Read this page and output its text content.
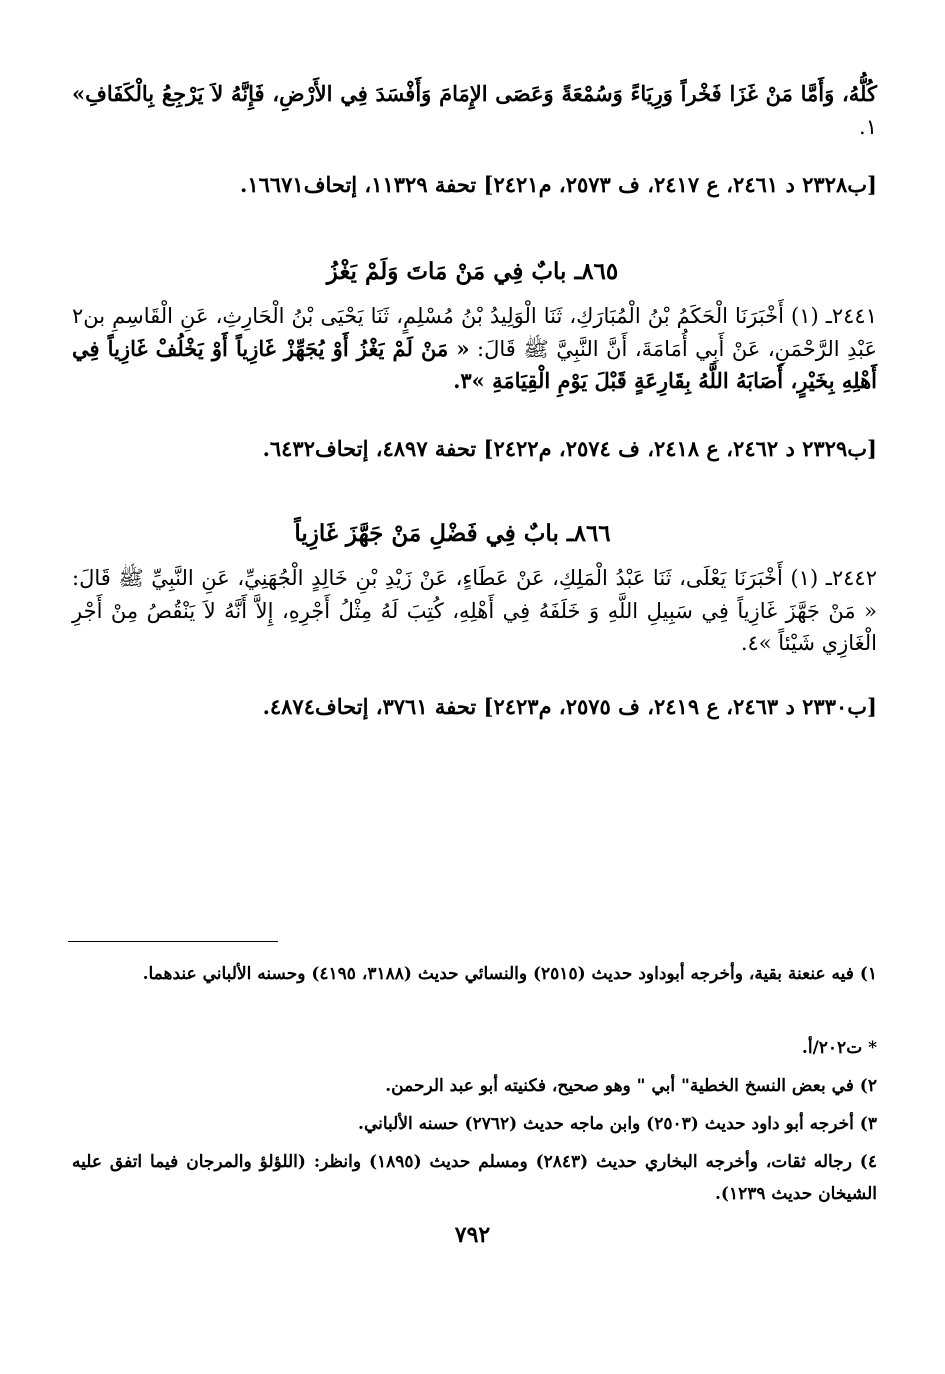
كُلُّهُ، وَأَمَّا مَنْ غَزَا فَخْراً وَرِيَاءً وَسُمْعَةً وَعَصَى الإِمَامَ وَأَفْسَدَ فِي الأَرْضِ، فَإِنَّهُ لاَ يَرْجِعُ بِالْكَفَافِ» ١.
[ب٢٣٢٨ د ٢٤٦١، ع ٢٤١٧، ف ٢٥٧٣، م٢٤٢١] تحفة ١١٣٢٩، إتحاف١٦٦٧١.
٨٦٥ـ بابٌ فِي مَنْ مَاتَ وَلَمْ يَغْزُ
٢٤٤١ـ (١) أَخْبَرَنَا الْحَكَمُ بْنُ الْمُبَارَكِ، ثَنَا الْوَلِيدُ بْنُ مُسْلِمٍ، ثَنَا يَحْيَى بْنُ الْحَارِثِ، عَنِ الْقَاسِمِ بن٢ عَبْدِ الرَّحْمَنِ، عَنْ أَبِي أُمَامَةَ، أَنَّ النَّبِيَّ ﷺ قَالَ: « مَنْ لَمْ يَغْزُ أَوْ يُجَهِّزْ غَازِياً أَوْ يَخْلُفْ غَازِياً فِي أَهْلِهِ بِخَيْرٍ، أَصَابَهُ اللَّهُ بِقَارِعَةٍ قَبْلَ يَوْمِ الْقِيَامَةِ »٣.
[ب٢٣٢٩ د ٢٤٦٢، ع ٢٤١٨، ف ٢٥٧٤، م٢٤٢٢] تحفة ٤٨٩٧، إتحاف٦٤٣٢.
٨٦٦ـ بابٌ فِي فَضْلِ مَنْ جَهَّزَ غَازِياً
٢٤٤٢ـ (١) أَخْبَرَنَا يَعْلَى، ثَنَا عَبْدُ الْمَلِكِ، عَنْ عَطَاءٍ، عَنْ زَيْدِ بْنِ خَالِدٍ الْجُهَنِيِّ، عَنِ النَّبِيِّ ﷺ قَالَ: « مَنْ جَهَّزَ غَازِياً فِي سَبِيلِ اللَّهِ وَ خَلَفَهُ فِي أَهْلِهِ، كُتِبَ لَهُ مِثْلُ أَجْرِهِ، إِلاَّ أَنَّهُ لاَ يَنْقُصُ مِنْ أَجْرِ الْغَازِي شَيْئاً »٤.
[ب٢٣٣٠ د ٢٤٦٣، ع ٢٤١٩، ف ٢٥٧٥، م٢٤٢٣] تحفة ٣٧٦١، إتحاف٤٨٧٤.
١) فيه عنعنة بقية، وأخرجه أبوداود حديث (٢٥١٥) والنسائي حديث (٣١٨٨، ٤١٩٥) وحسنه الألباني عندهما.
* ت٢٠٢/أ.
٢) في بعض النسخ الخطية" أبي " وهو صحيح، فكنيته أبو عبد الرحمن.
٣) أخرجه أبو داود حديث (٢٥٠٣) وابن ماجه حديث (٢٧٦٢) حسنه الألباني.
٤) رجاله ثقات، وأخرجه البخاري حديث (٢٨٤٣) ومسلم حديث (١٨٩٥) وانظر: (اللؤلؤ والمرجان فيما اتفق عليه الشيخان حديث ١٢٣٩).
٧٩٢
